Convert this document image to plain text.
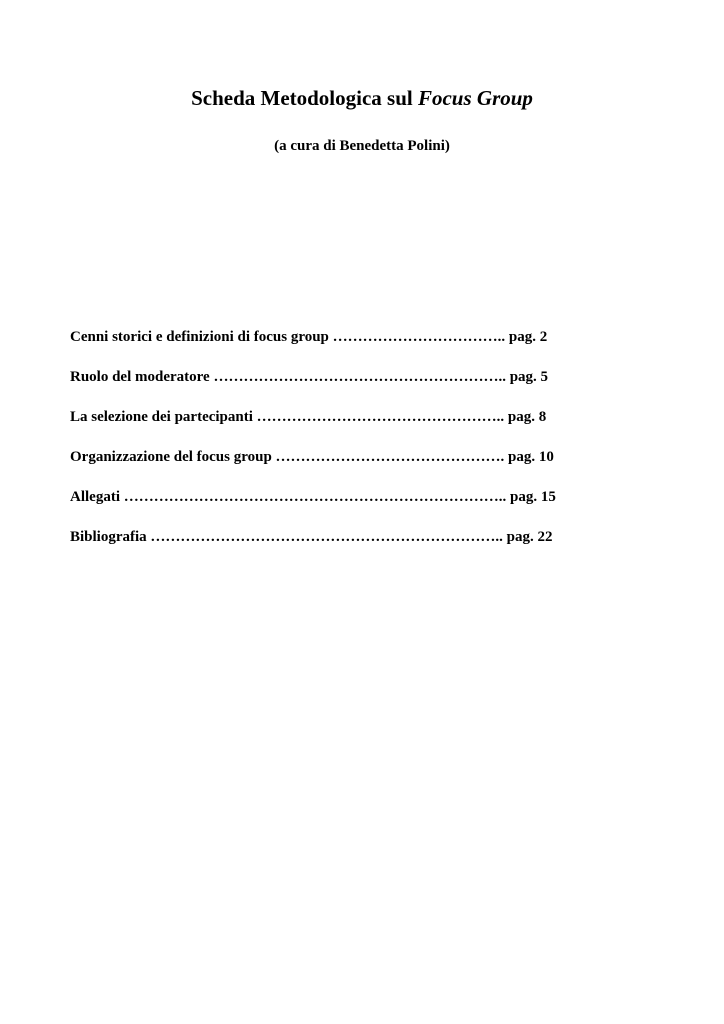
Scheda Metodologica sul Focus Group
(a cura di Benedetta Polini)
Cenni storici e definizioni di focus group …………………………….. pag. 2
Ruolo del moderatore ………………………………………………….. pag. 5
La selezione dei partecipanti ………………………………………….. pag. 8
Organizzazione del focus group ………………………………………. pag. 10
Allegati ………………………………………………………………….. pag. 15
Bibliografia …………………………………………………………….. pag. 22
